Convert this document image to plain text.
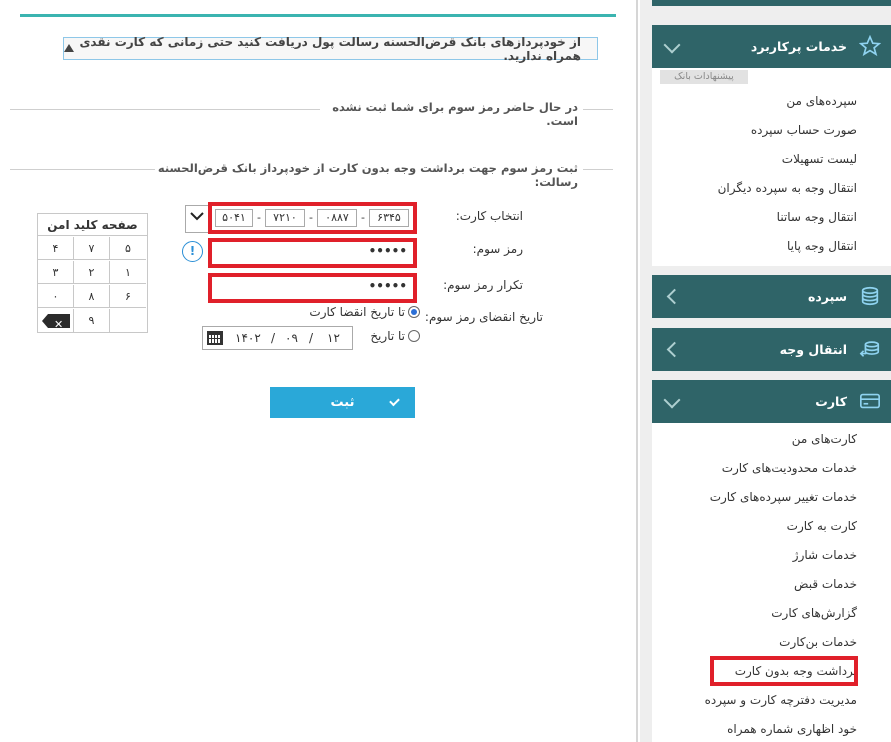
از خودپردازهای بانک قرض‌الحسنه رسالت پول دریافت کنید حتی زمانی که کارت نقدی همراه ندارید.
در حال حاضر رمز سوم برای شما ثبت نشده است.
ثبت رمز سوم جهت برداشت وجه بدون کارت از خودپرداز بانک قرض‌الحسنه رسالت:
انتخاب کارت:
رمز سوم:
تکرار رمز سوم:
تاریخ انقضای رمز سوم:
۶۳۴۵
-
۰۸۸۷
-
۷۲۱۰
-
۵۰۴۱
!	•••••
•••••
تا تاریخ انقضا کارت
تا تاریخ
۱۴۰۲ / ۰۹ / ۱۲
ثبت
صفحه کلید امن
۵
۷
۴
۱
۲
۳
۶
۸
۰
۹
✕
خدمات پرکاربرد
پیشنهادات بانک
سپرده‌های من
صورت حساب سپرده
لیست تسهیلات
انتقال وجه به سپرده دیگران
انتقال وجه ساتنا
انتقال وجه پایا
سپرده
انتقال وجه
کارت
کارت‌های من
خدمات محدودیت‌های کارت
خدمات تغییر سپرده‌های کارت
کارت به کارت
خدمات شارژ
خدمات قبض
گزارش‌های کارت
خدمات بن‌کارت
برداشت وجه بدون کارت
مدیریت دفترچه کارت و سپرده
خود اظهاری شماره همراه
